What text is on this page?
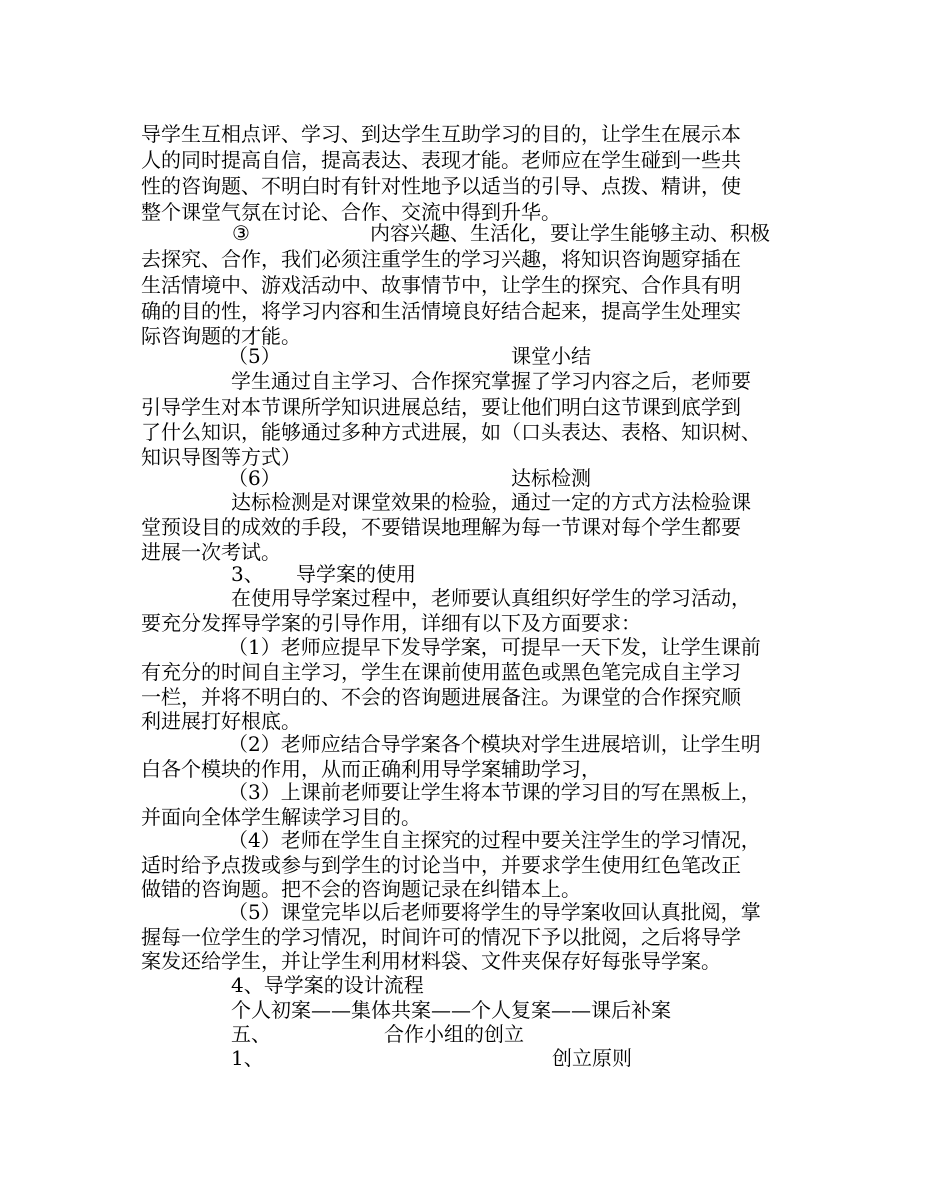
导学生互相点评、学习、到达学生互助学习的目的，让学生在展示本
人的同时提高自信，提高表达、表现才能。老师应在学生碰到一些共
性的咨询题、不明白时有针对性地予以适当的引导、点拨、精讲，使
整个课堂气氛在讨论、合作、交流中得到升华。
③	内容兴趣、生活化，要让学生能够主动、积极
去探究、合作，我们必须注重学生的学习兴趣，将知识咨询题穿插在
生活情境中、游戏活动中、故事情节中，让学生的探究、合作具有明
确的目的性，将学习内容和生活情境良好结合起来，提高学生处理实
际咨询题的才能。
（5）	课堂小结
学生通过自主学习、合作探究掌握了学习内容之后，老师要
引导学生对本节课所学知识进展总结，要让他们明白这节课到底学到
了什么知识，能够通过多种方式进展，如（口头表达、表格、知识树、
知识导图等方式）
（6）	达标检测
达标检测是对课堂效果的检验，通过一定的方式方法检验课
堂预设目的成效的手段，不要错误地理解为每一节课对每个学生都要
进展一次考试。
3、 导学案的使用
在使用导学案过程中，老师要认真组织好学生的学习活动，
要充分发挥导学案的引导作用，详细有以下及方面要求：
（1）老师应提早下发导学案，可提早一天下发，让学生课前
有充分的时间自主学习，学生在课前使用蓝色或黑色笔完成自主学习
一栏，并将不明白的、不会的咨询题进展备注。为课堂的合作探究顺
利进展打好根底。
（2）老师应结合导学案各个模块对学生进展培训，让学生明
白各个模块的作用，从而正确利用导学案辅助学习，
（3）上课前老师要让学生将本节课的学习目的写在黑板上，
并面向全体学生解读学习目的。
（4）老师在学生自主探究的过程中要关注学生的学习情况，
适时给予点拨或参与到学生的讨论当中，并要求学生使用红色笔改正
做错的咨询题。把不会的咨询题记录在纠错本上。
（5）课堂完毕以后老师要将学生的导学案收回认真批阅，掌
握每一位学生的学习情况，时间许可的情况下予以批阅，之后将导学
案发还给学生，并让学生利用材料袋、文件夹保存好每张导学案。
4、导学案的设计流程
个人初案——集体共案——个人复案——课后补案
五、	合作小组的创立
1、	创立原则
